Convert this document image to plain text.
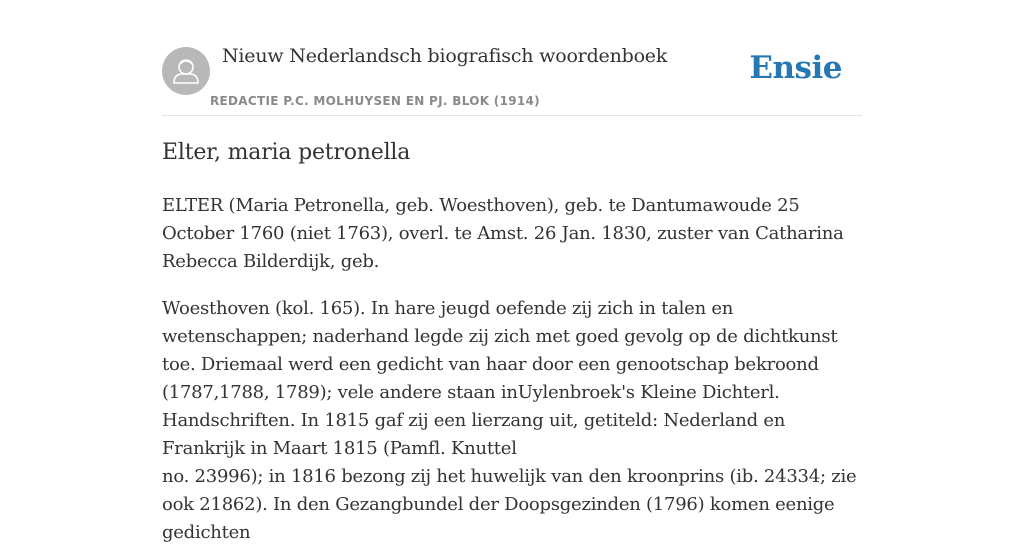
Nieuw Nederlandsch biografisch woordenboek
REDACTIE P.C. MOLHUYSEN EN PJ. BLOK (1914)
Ensie
Elter, maria petronella

ELTER (Maria Petronella, geb. Woesthoven), geb. te Dantumawoude 25 October 1760 (niet 1763), overl. te Amst. 26 Jan. 1830, zuster van Catharina Rebecca Bilderdijk, geb.

Woesthoven (kol. 165). In hare jeugd oefende zij zich in talen en wetenschappen; naderhand legde zij zich met goed gevolg op de dichtkunst toe. Driemaal werd een gedicht van haar door een genootschap bekroond (1787,1788, 1789); vele andere staan inUylenbroek's Kleine Dichterl. Handschriften. In 1815 gaf zij een lierzang uit, getiteld: Nederland en Frankrijk in Maart 1815 (Pamfl. Knuttel

no. 23996); in 1816 bezong zij het huwelijk van den kroonprins (ib. 24334; zie ook 21862). In den Gezangbundel der Doopsgezinden (1796) komen eenige gedichten
